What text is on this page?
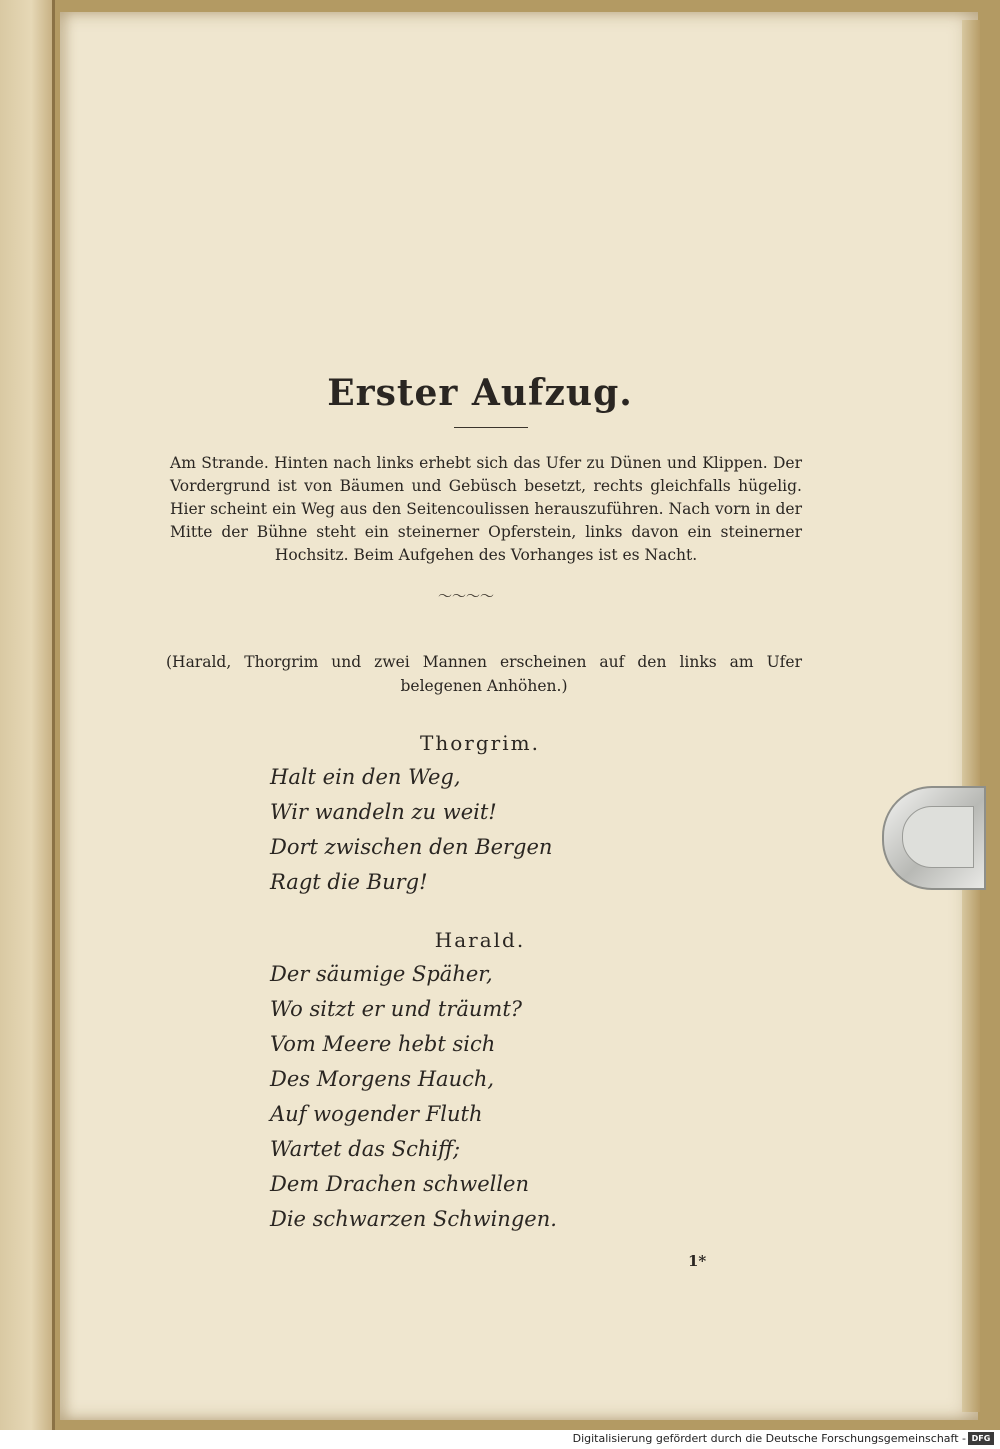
Erster Aufzug.

Am Strande. Hinten nach links erhebt sich das Ufer zu Dünen und Klippen. Der Vordergrund ist von Bäumen und Gebüsch besetzt, rechts gleichfalls hügelig. Hier scheint ein Weg aus den Seitencoulissen herauszuführen. Nach vorn in der Mitte der Bühne steht ein steinerner Opferstein, links davon ein steinerner Hochsitz. Beim Aufgehen des Vorhanges ist es Nacht.

〜〜〜〜

(Harald, Thorgrim und zwei Mannen erscheinen auf den links am Ufer belegenen Anhöhen.)

Thorgrim.
Halt ein den Weg,
Wir wandeln zu weit!
Dort zwischen den Bergen
Ragt die Burg!
Harald.
Der säumige Späher,
Wo sitzt er und träumt?
Vom Meere hebt sich
Des Morgens Hauch,
Auf wogender Fluth
Wartet das Schiff;
Dem Drachen schwellen
Die schwarzen Schwingen.
1*
Digitalisierung gefördert durch die Deutsche Forschungsgemeinschaft - DFG
